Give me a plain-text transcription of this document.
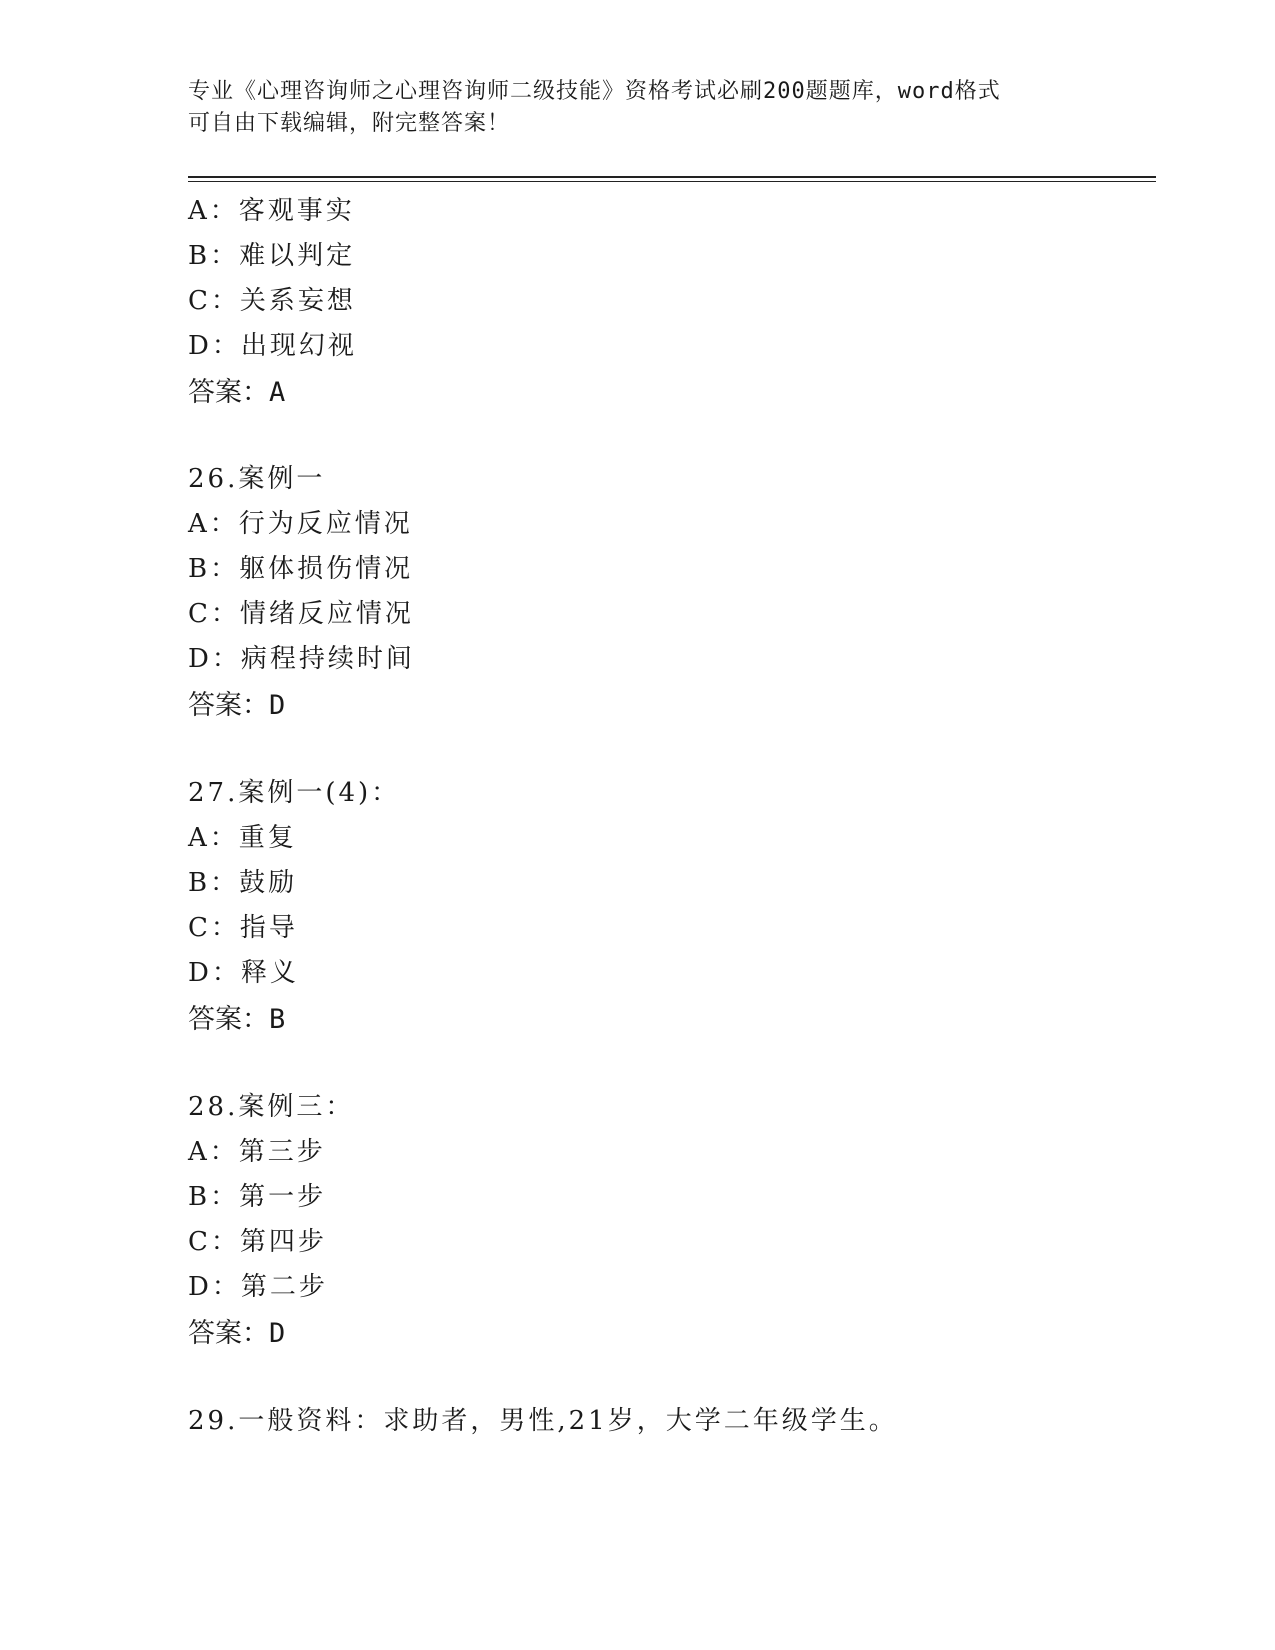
专业《心理咨询师之心理咨询师二级技能》资格考试必刷200题题库，word格式
可自由下载编辑，附完整答案！
A：客观事实
B：难以判定
C：关系妄想
D：出现幻视
答案：A
26.案例一
A：行为反应情况
B：躯体损伤情况
C：情绪反应情况
D：病程持续时间
答案：D
27.案例一(4)：
A：重复
B：鼓励
C：指导
D：释义
答案：B
28.案例三：
A：第三步
B：第一步
C：第四步
D：第二步
答案：D
29.一般资料：求助者，男性,21岁，大学二年级学生。
